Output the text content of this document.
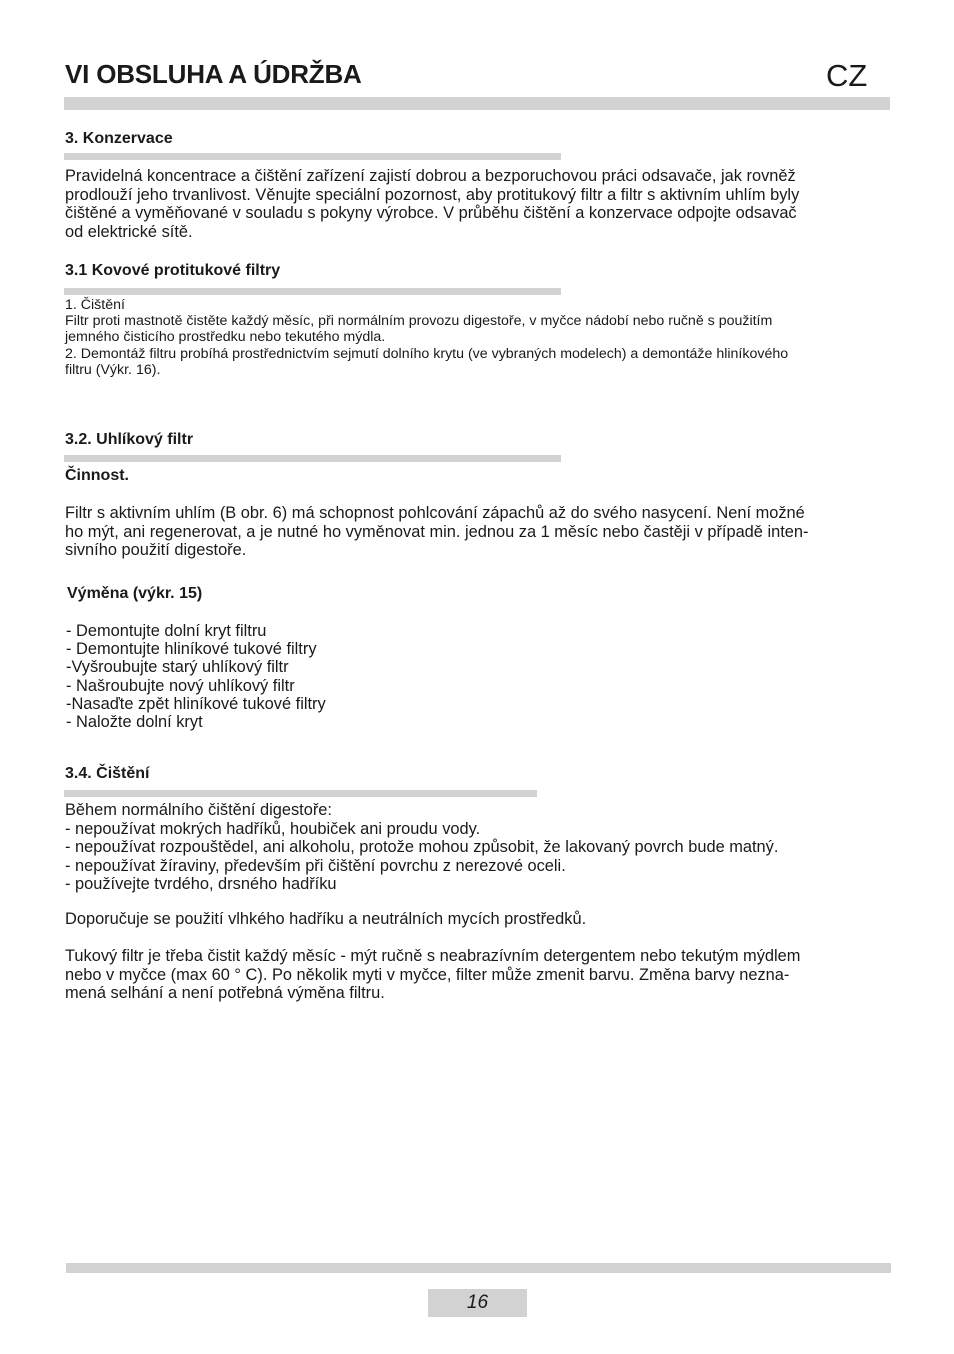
VI OBSLUHA A ÚDRŽBA	CZ
3. Konzervace
Pravidelná koncentrace a čištění zařízení zajistí dobrou a bezporuchovou práci odsavače, jak rovněž
prodlouží jeho trvanlivost. Věnujte speciální pozornost, aby protitukový filtr a filtr s aktivním uhlím byly
čištěné a vyměňované v souladu s pokyny výrobce. V průběhu čištění a konzervace odpojte odsavač
od elektrické sítě.
3.1 Kovové protitukové filtry
1. Čištění
Filtr proti mastnotě čistěte každý měsíc, při normálním provozu digestoře, v myčce nádobí nebo ručně s použitím
jemného čisticího prostředku nebo tekutého mýdla.
2. Demontáž filtru probíhá prostřednictvím sejmutí dolního krytu (ve vybraných modelech) a demontáže hliníkového
filtru (Výkr. 16).
3.2. Uhlíkový filtr
Činnost.
Filtr s aktivním uhlím (B obr. 6) má schopnost pohlcování zápachů až do svého nasycení. Není možné
ho mýt, ani regenerovat, a je nutné ho vyměnovat min. jednou za 1 měsíc nebo častěji v případě inten-
sivního použití digestoře.
Výměna (výkr. 15)
- Demontujte dolní kryt filtru
- Demontujte hliníkové tukové filtry
-Vyšroubujte starý uhlíkový filtr
- Našroubujte nový uhlíkový filtr
-Nasaďte zpět hliníkové tukové filtry
- Naložte dolní kryt
3.4. Čištění
Během normálního čištění digestoře:
- nepoužívat mokrých hadříků, houbiček ani proudu vody.
- nepoužívat rozpouštědel, ani alkoholu, protože mohou způsobit, že lakovaný povrch bude matný.
- nepoužívat žíraviny, především při čištění povrchu z nerezové oceli.
- používejte tvrdého, drsného hadříku
Doporučuje se použití vlhkého hadříku a neutrálních mycích prostředků.
Tukový filtr je třeba čistit každý měsíc - mýt ručně s neabrazívním detergentem nebo tekutým mýdlem
nebo v myčce (max 60 ° C). Po několik myti v myčce, filter může zmenit barvu. Změna barvy nezna-
mená selhání a není potřebná výměna filtru.
16
